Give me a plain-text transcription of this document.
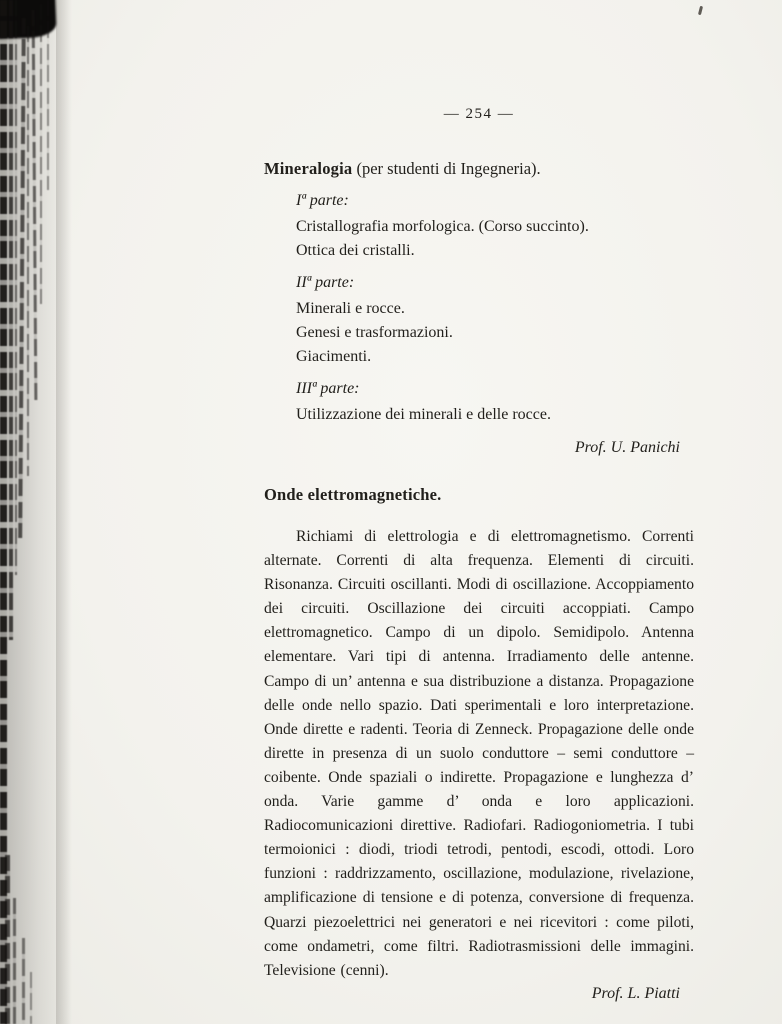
— 254 —
Mineralogia (per studenti di Ingegneria).
Iª parte:
Cristallografia morfologica. (Corso succinto).
Ottica dei cristalli.
IIª parte:
Minerali e rocce.
Genesi e trasformazioni.
Giacimenti.
IIIª parte:
Utilizzazione dei minerali e delle rocce.
Prof. U. Panichi
Onde elettromagnetiche.
Richiami di elettrologia e di elettromagnetismo. Correnti alternate. Correnti di alta frequenza. Elementi di circuiti. Risonanza. Circuiti oscillanti. Modi di oscillazione. Accoppiamento dei circuiti. Oscillazione dei circuiti accoppiati. Campo elettromagnetico. Campo di un dipolo. Semidipolo. Antenna elementare. Vari tipi di antenna. Irradiamento delle antenne. Campo di un’ antenna e sua distribuzione a distanza. Propagazione delle onde nello spazio. Dati sperimentali e loro interpretazione. Onde dirette e radenti. Teoria di Zenneck. Propagazione delle onde dirette in presenza di un suolo conduttore – semi conduttore – coibente. Onde spaziali o indirette. Propagazione e lunghezza d’ onda. Varie gamme d’ onda e loro applicazioni. Radiocomunicazioni direttive. Radiofari. Radiogoniometria. I tubi termoionici : diodi, triodi tetrodi, pentodi, escodi, ottodi. Loro funzioni : raddrizzamento, oscillazione, modulazione, rivelazione, amplificazione di tensione e di potenza, conversione di frequenza. Quarzi piezoelettrici nei generatori e nei ricevitori : come piloti, come ondametri, come filtri. Radiotrasmissioni delle immagini. Televisione (cenni).
Prof. L. Piatti
